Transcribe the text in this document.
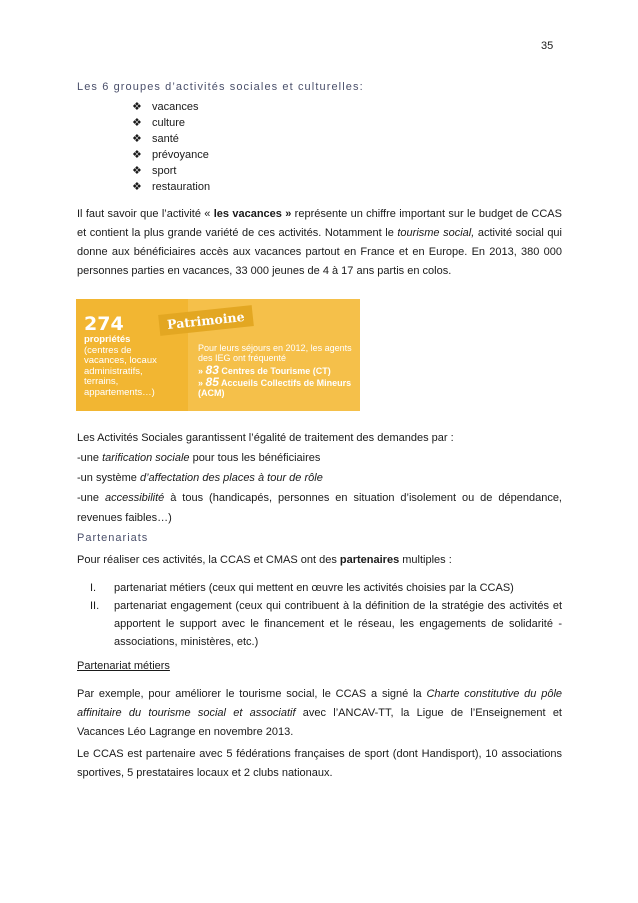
35
Les 6 groupes d’activités sociales et culturelles:
❖ vacances
❖ culture
❖ santé
❖ prévoyance
❖ sport
❖ restauration
Il faut savoir que l’activité « les vacances » représente un chiffre important sur le budget de CCAS et contient la plus grande variété de ces activités. Notamment le tourisme social, activité social qui donne aux bénéficiaires accès aux vacances partout en France et en Europe. En 2013, 380 000 personnes parties en vacances, 33 000 jeunes de 4 à 17 ans partis en colos.
274
propriétés
(centres de vacances, locaux administratifs, terrains, appartements…)
Patrimoine
Pour leurs séjours en 2012, les agents des IEG ont fréquenté
» 83 Centres de Tourisme (CT)
» 85 Accueils Collectifs de Mineurs (ACM)
Les Activités Sociales garantissent l’égalité de traitement des demandes par :
-une tarification sociale pour tous les bénéficiaires
-un système d’affectation des places à tour de rôle
-une accessibilité à tous (handicapés, personnes en situation d’isolement ou de dépendance, revenues faibles…)
Partenariats
Pour réaliser ces activités, la CCAS et CMAS ont des partenaires multiples :
I.	partenariat métiers (ceux qui mettent en œuvre les activités choisies par la CCAS)
II.	partenariat engagement (ceux qui contribuent à la définition de la stratégie des activités et apportent le support avec le financement et le réseau, les engagements de solidarité - associations, ministères, etc.)
Partenariat métiers
Par exemple, pour améliorer le tourisme social, le CCAS a signé la Charte constitutive du pôle affinitaire du tourisme social et associatif avec l’ANCAV-TT, la Ligue de l’Enseignement et Vacances Léo Lagrange en novembre 2013.
Le CCAS est partenaire avec 5 fédérations françaises de sport (dont Handisport), 10 associations sportives, 5 prestataires locaux et 2 clubs nationaux.
